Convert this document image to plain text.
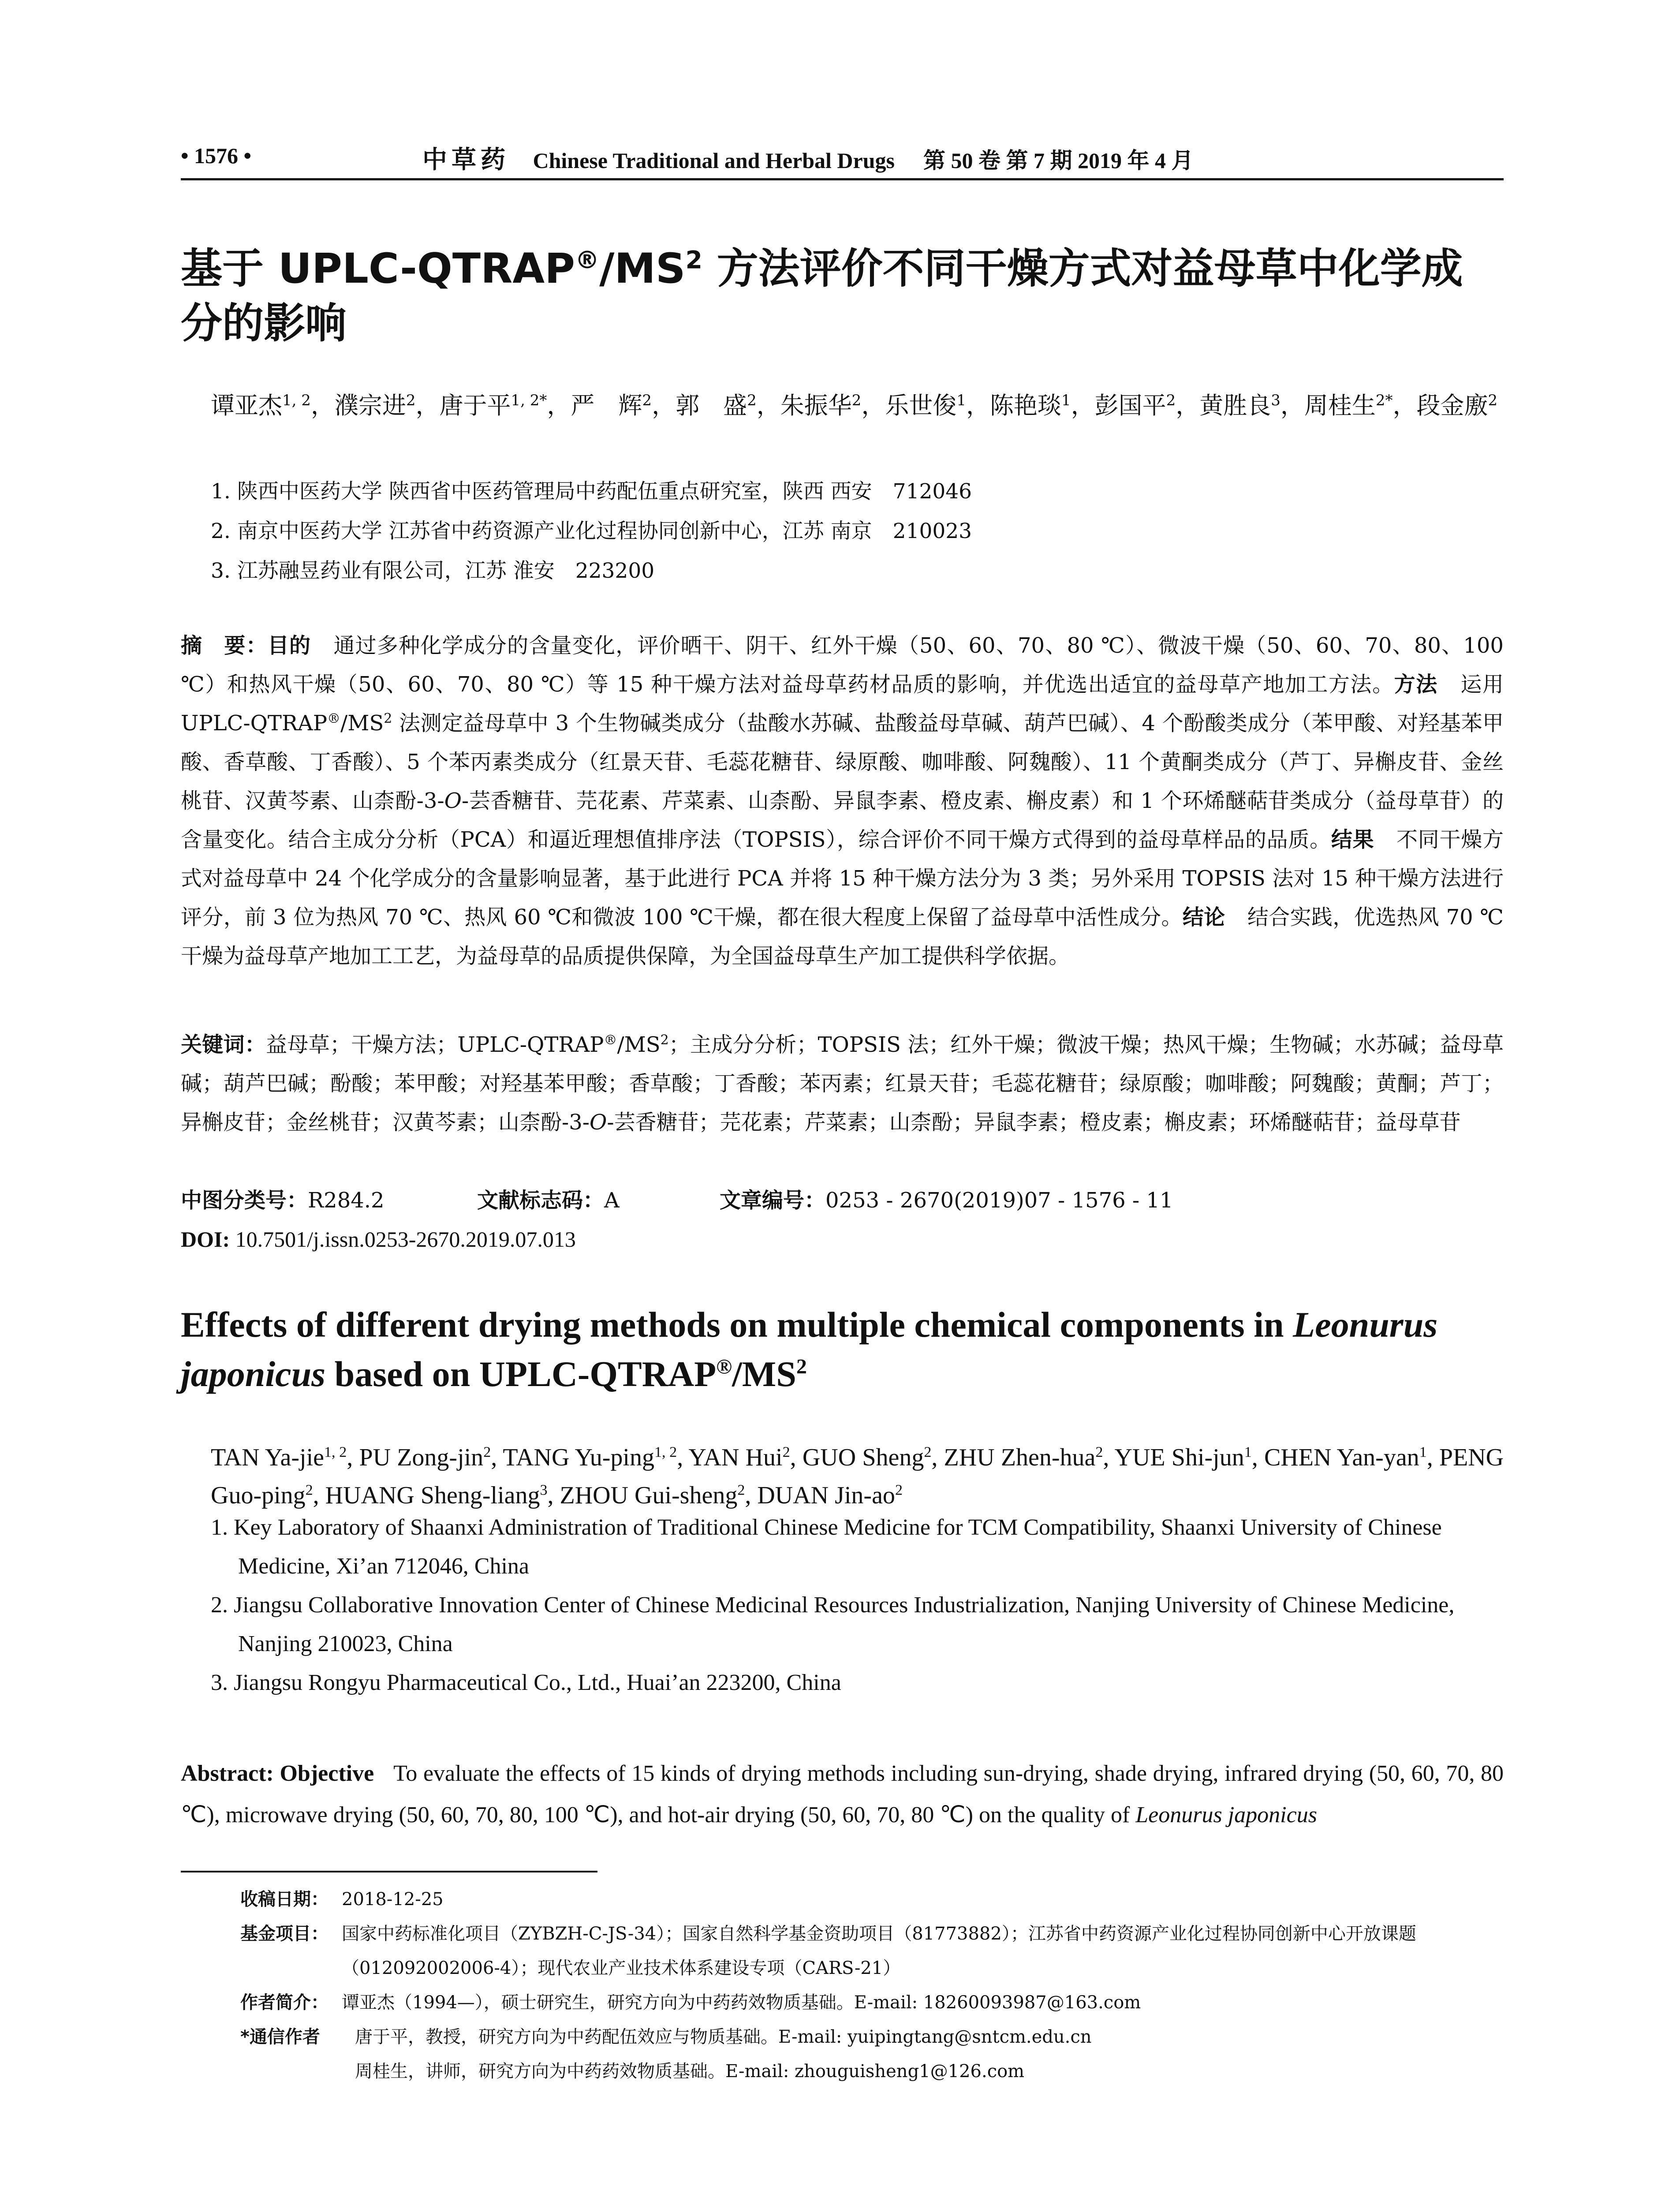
• 1576 •	中草药 Chinese Traditional and Herbal Drugs 第 50 卷 第 7 期 2019 年 4 月
基于 UPLC-$QTRAP®/MS^2$ 方法评价不同干燥方式对益母草中化学成分的影响
谭亚杰$^{1, 2}$，濮宗进$^2$，唐于平$^{1, 2*}$，严　辉$^2$，郭　盛$^2$，朱振华$^2$，乐世俊$^1$，陈艳琰$^1$，彭国平$^2$，黄胜良$^3$，周桂生$^{2*}$，段金廒$^2$
1. 陕西中医药大学 陕西省中医药管理局中药配伍重点研究室，陕西 西安　712046
2. 南京中医药大学 江苏省中药资源产业化过程协同创新中心，江苏 南京　210023
3. 江苏融昱药业有限公司，江苏 淮安　223200
摘　要：目的 通过多种化学成分的含量变化，评价晒干、阴干、红外干燥（50、60、70、80 ℃）、微波干燥（50、60、70、80、100 ℃）和热风干燥（50、60、70、80 ℃）等 15 种干燥方法对益母草药材品质的影响，并优选出适宜的益母草产地加工方法。方法 运用 UPLC-$QTRAP®/MS^2$ 法测定益母草中 3 个生物碱类成分（盐酸水苏碱、盐酸益母草碱、葫芦巴碱）、4 个酚酸类成分（苯甲酸、对羟基苯甲酸、香草酸、丁香酸）、5 个苯丙素类成分（红景天苷、毛蕊花糖苷、绿原酸、咖啡酸、阿魏酸）、11 个黄酮类成分（芦丁、异槲皮苷、金丝桃苷、汉黄芩素、山柰酚-3-O-芸香糖苷、芫花素、芹菜素、山柰酚、异鼠李素、橙皮素、槲皮素）和 1 个环烯醚萜苷类成分（益母草苷）的含量变化。结合主成分分析（PCA）和逼近理想值排序法（TOPSIS），综合评价不同干燥方式得到的益母草样品的品质。结果 不同干燥方式对益母草中 24 个化学成分的含量影响显著，基于此进行 PCA 并将 15 种干燥方法分为 3 类；另外采用 TOPSIS 法对 15 种干燥方法进行评分，前 3 位为热风 70 ℃、热风 60 ℃和微波 100 ℃干燥，都在很大程度上保留了益母草中活性成分。结论 结合实践，优选热风 70 ℃干燥为益母草产地加工工艺，为益母草的品质提供保障，为全国益母草生产加工提供科学依据。
关键词：益母草；干燥方法；UPLC-$QTRAP®/MS^2$；主成分分析；TOPSIS 法；红外干燥；微波干燥；热风干燥；生物碱；水苏碱；益母草碱；葫芦巴碱；酚酸；苯甲酸；对羟基苯甲酸；香草酸；丁香酸；苯丙素；红景天苷；毛蕊花糖苷；绿原酸；咖啡酸；阿魏酸；黄酮；芦丁；异槲皮苷；金丝桃苷；汉黄芩素；山柰酚-3-O-芸香糖苷；芫花素；芹菜素；山柰酚；异鼠李素；橙皮素；槲皮素；环烯醚萜苷；益母草苷
中图分类号：R284.2	文献标志码：A	文章编号：0253 - 2670(2019)07 - 1576 - 11
DOI: 10.7501/j.issn.0253-2670.2019.07.013
Effects of different drying methods on multiple chemical components in Leonurus japonicus based on UPLC-$QTRAP®/MS^2$
TAN Ya-jie$^{1, 2}$, PU Zong-jin$^2$, TANG Yu-ping$^{1, 2}$, YAN Hui$^2$, GUO Sheng$^2$, ZHU Zhen-hua$^2$, YUE Shi-jun$^1$, CHEN Yan-yan$^1$, PENG Guo-ping$^2$, HUANG Sheng-liang$^3$, ZHOU Gui-sheng$^2$, DUAN Jin-$ao^2$
1. Key Laboratory of Shaanxi Administration of Traditional Chinese Medicine for TCM Compatibility, Shaanxi University of Chinese Medicine, Xi’an 712046, China
2. Jiangsu Collaborative Innovation Center of Chinese Medicinal Resources Industrialization, Nanjing University of Chinese Medicine, Nanjing 210023, China
3. Jiangsu Rongyu Pharmaceutical Co., Ltd., Huai’an 223200, China
Abstract: Objective To evaluate the effects of 15 kinds of drying methods including sun-drying, shade drying, infrared drying (50, 60, 70, 80 ℃), microwave drying (50, 60, 70, 80, 100 ℃), and hot-air drying (50, 60, 70, 80 ℃) on the quality of Leonurus japonicus
收稿日期： 2018-12-25
基金项目： 国家中药标准化项目（ZYBZH-C-JS-34）；国家自然科学基金资助项目（81773882）；江苏省中药资源产业化过程协同创新中心开放课题（012092002006-4）；现代农业产业技术体系建设专项（CARS-21）
作者简介： 谭亚杰（1994—），硕士研究生，研究方向为中药药效物质基础。E-mail: 18260093987@163.com
*通信作者 唐于平，教授，研究方向为中药配伍效应与物质基础。E-mail: yuipingtang@sntcm.edu.cn
周桂生，讲师，研究方向为中药药效物质基础。E-mail: zhouguisheng1@126.com
